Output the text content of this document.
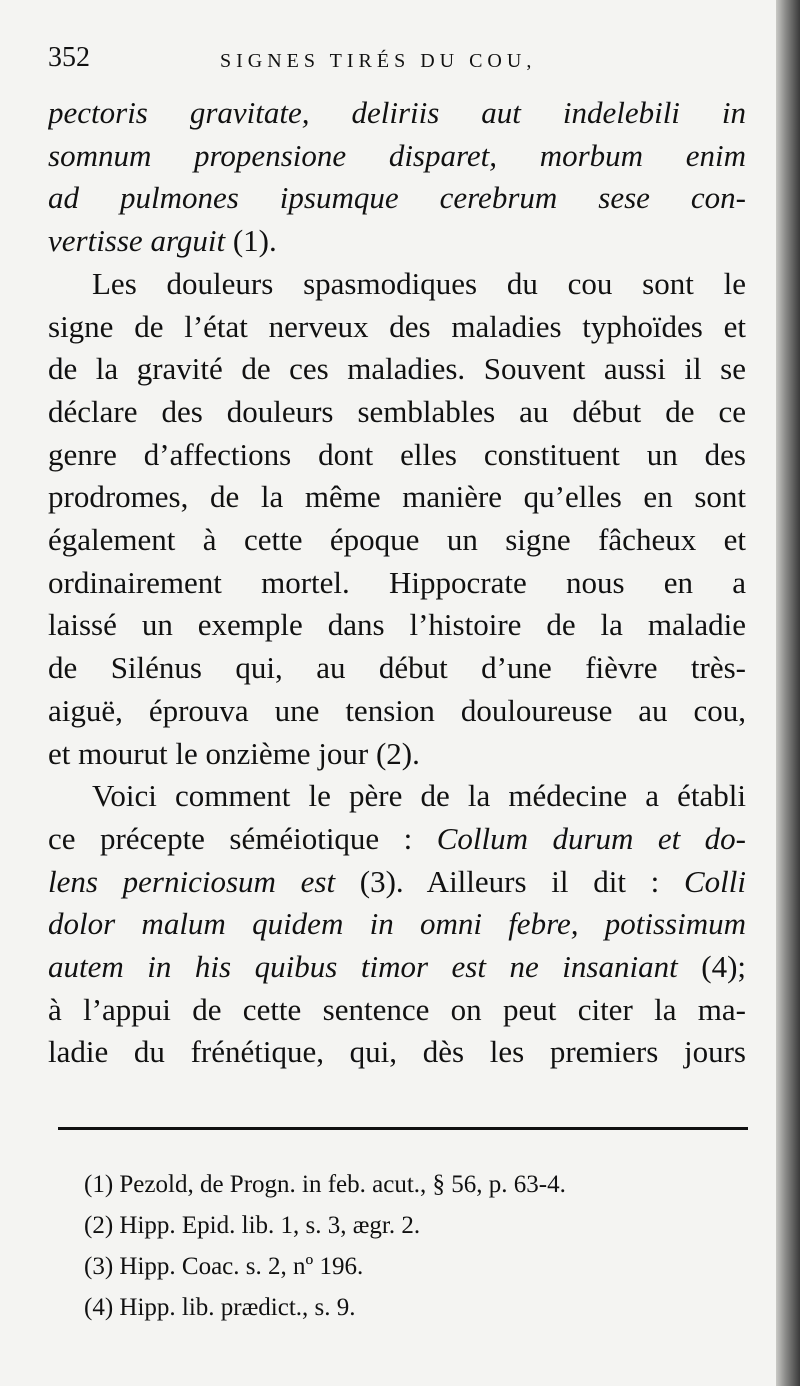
352	SIGNES TIRÉS DU COU,
pectoris gravitate, deliriis aut indelebili in
somnum propensione disparet, morbum enim
ad pulmones ipsumque cerebrum sese con-
vertisse arguit (1).
Les douleurs spasmodiques du cou sont le
signe de l’état nerveux des maladies typhoïdes et
de la gravité de ces maladies. Souvent aussi il se
déclare des douleurs semblables au début de ce
genre d’affections dont elles constituent un des
prodromes, de la même manière qu’elles en sont
également à cette époque un signe fâcheux et
ordinairement mortel. Hippocrate nous en a
laissé un exemple dans l’histoire de la maladie
de Silénus qui, au début d’une fièvre très-
aiguë, éprouva une tension douloureuse au cou,
et mourut le onzième jour (2).
Voici comment le père de la médecine a établi
ce précepte séméiotique : Collum durum et do-
lens perniciosum est (3). Ailleurs il dit : Colli
dolor malum quidem in omni febre, potissimum
autem in his quibus timor est ne insaniant (4);
à l’appui de cette sentence on peut citer la ma-
ladie du frénétique, qui, dès les premiers jours
(1) Pezold, de Progn. in feb. acut., § 56, p. 63-4.
(2) Hipp. Epid. lib. 1, s. 3, ægr. 2.
(3) Hipp. Coac. s. 2, nº 196.
(4) Hipp. lib. prædict., s. 9.
